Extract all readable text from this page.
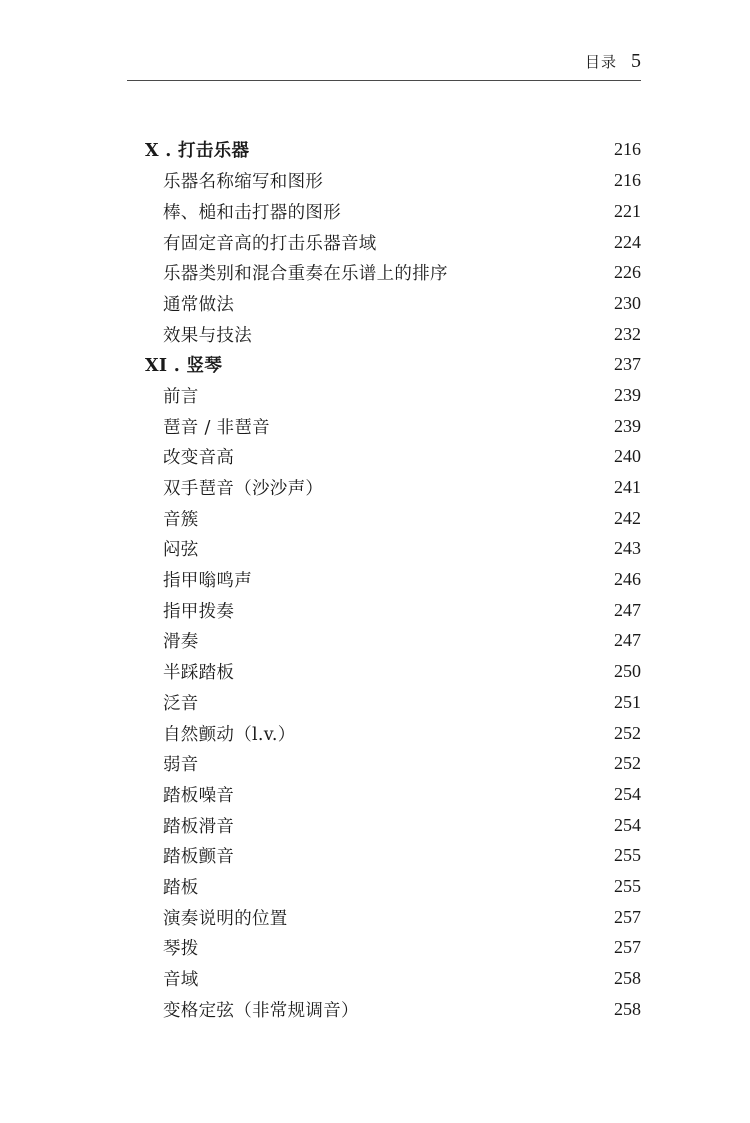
目录 5
X . 打击乐器	216
乐器名称缩写和图形	216
棒、槌和击打器的图形	221
有固定音高的打击乐器音域	224
乐器类别和混合重奏在乐谱上的排序	226
通常做法	230
效果与技法	232
XI . 竖琴	237
前言	239
琶音 / 非琶音	239
改变音高	240
双手琶音（沙沙声）	241
音簇	242
闷弦	243
指甲嗡鸣声	246
指甲拨奏	247
滑奏	247
半踩踏板	250
泛音	251
自然颤动（l.v.）	252
弱音	252
踏板噪音	254
踏板滑音	254
踏板颤音	255
踏板	255
演奏说明的位置	257
琴拨	257
音域	258
变格定弦（非常规调音）	258
